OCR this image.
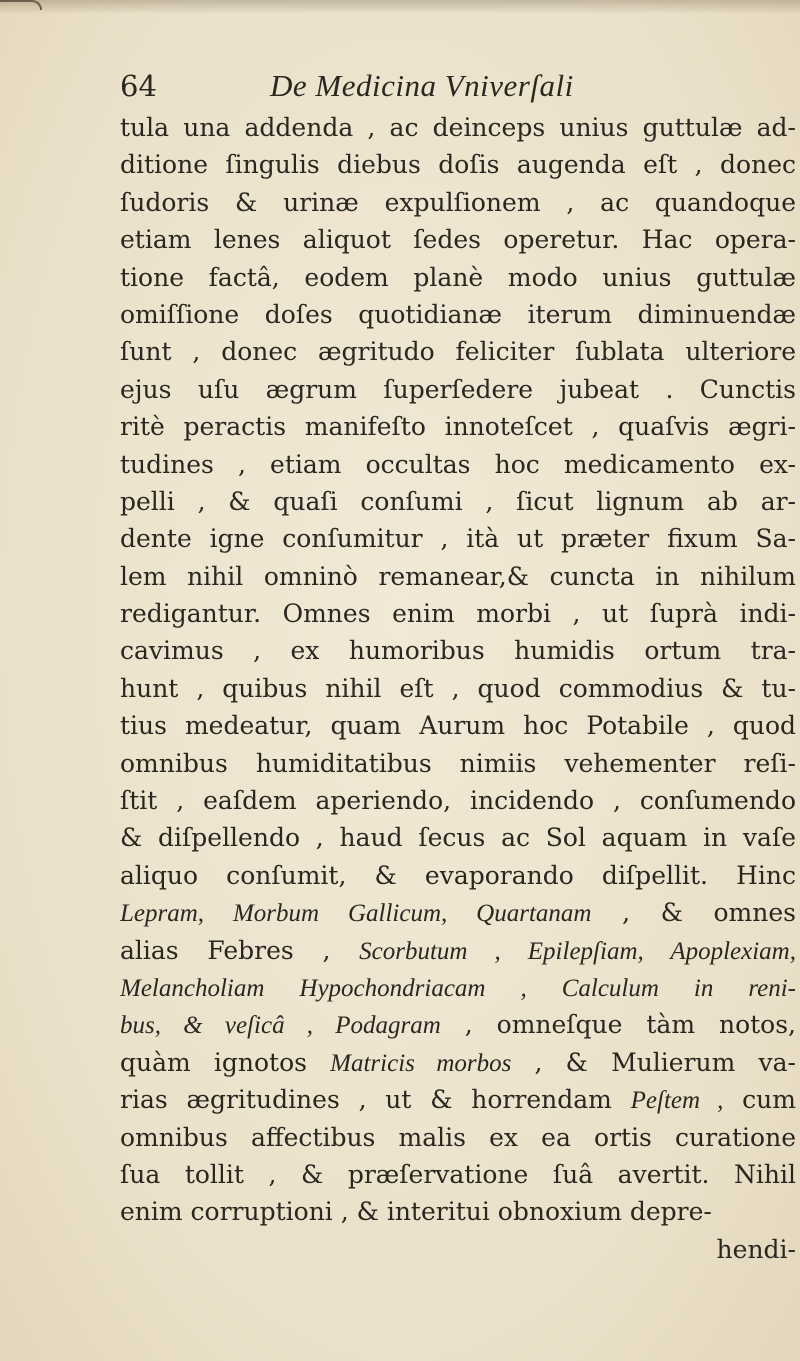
64	De Medicina Vniverſali
tula una addenda , ac deinceps unius guttulæ ad-
ditione ſingulis diebus doſis augenda eſt , donec
ſudoris & urinæ expulſionem , ac quandoque
etiam lenes aliquot ſedes operetur. Hac opera-
tione factâ, eodem planè modo unius guttulæ
omiſſione doſes quotidianæ iterum diminuendæ
ſunt , donec ægritudo feliciter ſublata ulteriore
ejus uſu ægrum ſuperſedere jubeat . Cunctis
ritè peractis manifeſto innoteſcet , quaſvis ægri-
tudines , etiam occultas hoc medicamento ex-
pelli , & quaſi conſumi , ſicut lignum ab ar-
dente igne conſumitur , ità ut præter fixum Sa-
lem nihil omninò remanear,& cuncta in nihilum
redigantur. Omnes enim morbi , ut ſuprà indi-
cavimus , ex humoribus humidis ortum tra-
hunt , quibus nihil eſt , quod commodius & tu-
tius medeatur, quam Aurum hoc Potabile , quod
omnibus humiditatibus nimiis vehementer reſi-
ſtit , eaſdem aperiendo, incidendo , conſumendo
& diſpellendo , haud ſecus ac Sol aquam in vaſe
aliquo conſumit, & evaporando diſpellit. Hinc
Lepram, Morbum Gallicum, Quartanam , & omnes
alias Febres , Scorbutum , Epilepſiam, Apoplexiam,
Melancholiam Hypochondriacam , Calculum in reni-
bus, & veſicâ , Podagram , omneſque tàm notos,
quàm ignotos Matricis morbos , & Mulierum va-
rias ægritudines , ut & horrendam Peſtem , cum
omnibus affectibus malis ex ea ortis curatione
ſua tollit , & præſervatione ſuâ avertit. Nihil
enim corruptioni , & interitui obnoxium depre-
hendi-
